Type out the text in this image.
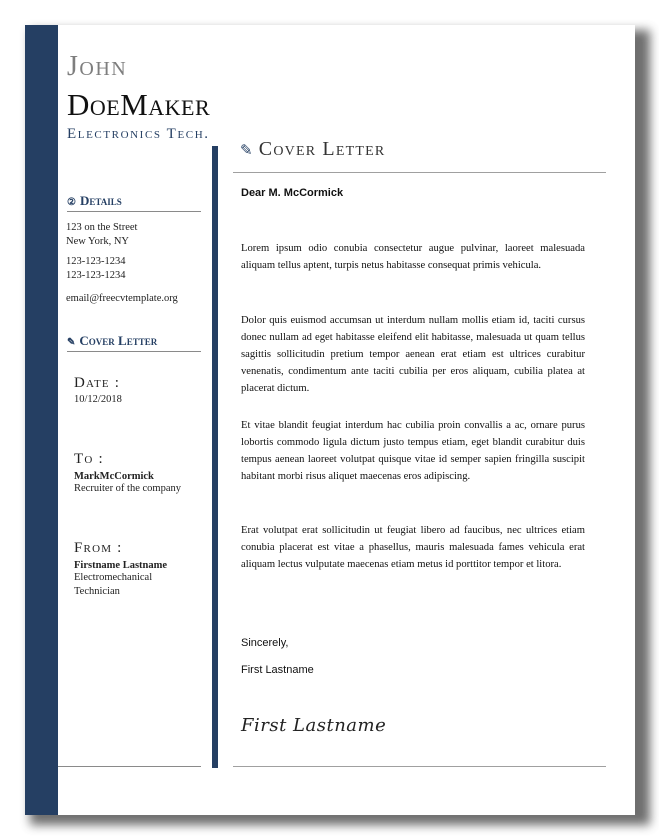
John
DoeMaker
Electronics Tech.
② Details
123 on the Street
New York, NY
123-123-1234
123-123-1234
email@freecvtemplate.org
✎ Cover Letter
Date :
10/12/2018
To :
MarkMcCormick
Recruiter of the company
From :
Firstname Lastname
Electromechanical
Technician
✎ Cover Letter
Dear M. McCormick

Lorem ipsum odio conubia consectetur augue pulvinar, laoreet malesuada aliquam tellus aptent, turpis netus habitasse consequat primis vehicula.

Dolor quis euismod accumsan ut interdum nullam mollis etiam id, taciti cursus donec nullam ad eget habitasse eleifend elit habitasse, malesuada ut quam tellus sagittis sollicitudin pretium tempor aenean erat etiam est ultrices curabitur venenatis, condimentum ante taciti cubilia per eros aliquam, cubilia platea at placerat dictum.

Et vitae blandit feugiat interdum hac cubilia proin convallis a ac, ornare purus lobortis commodo ligula dictum justo tempus etiam, eget blandit curabitur duis tempus aenean laoreet volutpat quisque vitae id semper sapien fringilla suscipit habitant morbi risus aliquet maecenas eros adipiscing.

Erat volutpat erat sollicitudin ut feugiat libero ad faucibus, nec ultrices etiam conubia placerat est vitae a phasellus, mauris malesuada fames vehicula erat aliquam lectus vulputate maecenas etiam metus id porttitor tempor et litora.

Sincerely,
First Lastname
First Lastname
